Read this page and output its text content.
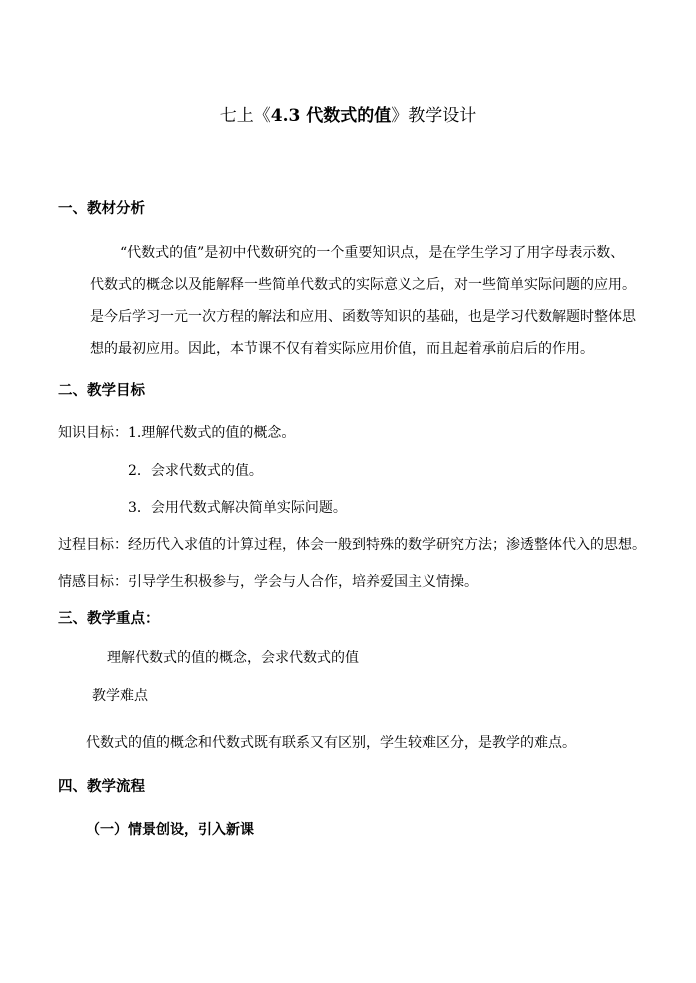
七上《4.3 代数式的值》教学设计
一、教材分析
“代数式的值”是初中代数研究的一个重要知识点，是在学生学习了用字母表示数、
代数式的概念以及能解释一些简单代数式的实际意义之后，对一些简单实际问题的应用。
是今后学习一元一次方程的解法和应用、函数等知识的基础，也是学习代数解题时整体思
想的最初应用。因此，本节课不仅有着实际应用价值，而且起着承前启后的作用。
二、教学目标
知识目标：1.理解代数式的值的概念。
2．会求代数式的值。
3．会用代数式解决简单实际问题。
过程目标：经历代入求值的计算过程，体会一般到特殊的数学研究方法；渗透整体代入的思想。
情感目标：引导学生积极参与，学会与人合作，培养爱国主义情操。
三、教学重点：
理解代数式的值的概念，会求代数式的值
教学难点
代数式的值的概念和代数式既有联系又有区别，学生较难区分，是教学的难点。
四、教学流程
（一）情景创设，引入新课
